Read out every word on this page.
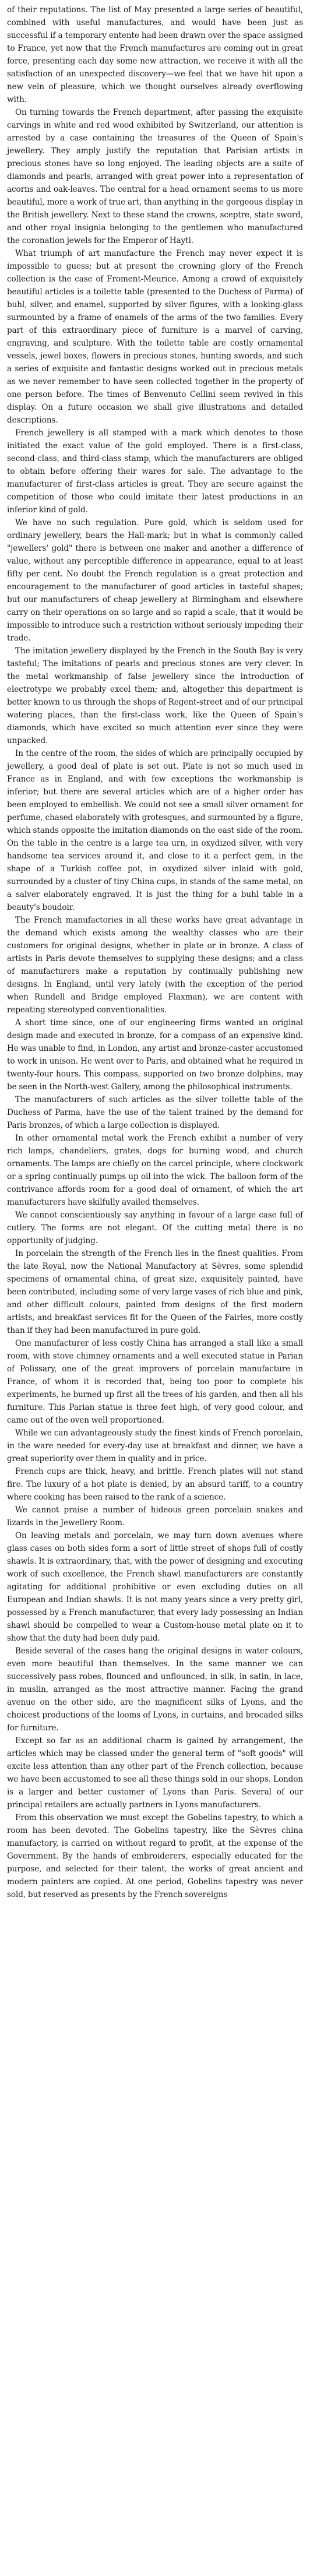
of their reputations. The list of May presented a large series of beautiful, combined with useful manufactures, and would have been just as successful if a temporary entente had been drawn over the space assigned to France, yet now that the French manufactures are coming out in great force, presenting each day some new attraction, we receive it with all the satisfaction of an unexpected discovery—we feel that we have hit upon a new vein of pleasure, which we thought ourselves already overflowing with.

On turning towards the French department, after passing the exquisite carvings in white and red wood exhibited by Switzerland, our attention is arrested by a case containing the treasures of the Queen of Spain's jewellery. They amply justify the reputation that Parisian artists in precious stones have so long enjoyed. The leading objects are a suite of diamonds and pearls, arranged with great power into a representation of acorns and oak-leaves. The central for a head ornament seems to us more beautiful, more a work of true art, than anything in the gorgeous display in the British jewellery. Next to these stand the crowns, sceptre, state sword, and other royal insignia belonging to the gentlemen who manufactured the coronation jewels for the Emperor of Hayti.

What triumph of art manufacture the French may never expect it is impossible to guess; but at present the crowning glory of the French collection is the case of Froment-Meurice. Among a crowd of exquisitely beautiful articles is a toilette table (presented to the Duchess of Parma) of buhl, silver, and enamel, supported by silver figures, with a looking-glass surmounted by a frame of enamels of the arms of the two families. Every part of this extraordinary piece of furniture is a marvel of carving, engraving, and sculpture. With the toilette table are costly ornamental vessels, jewel boxes, flowers in precious stones, hunting swords, and such a series of exquisite and fantastic designs worked out in precious metals as we never remember to have seen collected together in the property of one person before. The times of Benvenuto Cellini seem revived in this display. On a future occasion we shall give illustrations and detailed descriptions.

French jewellery is all stamped with a mark which denotes to those initiated the exact value of the gold employed. There is a first-class, second-class, and third-class stamp, which the manufacturers are obliged to obtain before offering their wares for sale. The advantage to the manufacturer of first-class articles is great. They are secure against the competition of those who could imitate their latest productions in an inferior kind of gold.

We have no such regulation. Pure gold, which is seldom used for ordinary jewellery, bears the Hall-mark; but in what is commonly called "jewellers' gold" there is between one maker and another a difference of value, without any perceptible difference in appearance, equal to at least fifty per cent. No doubt the French regulation is a great protection and encouragement to the manufacturer of good articles in tasteful shapes; but our manufacturers of cheap jewellery at Birmingham and elsewhere carry on their operations on so large and so rapid a scale, that it would be impossible to introduce such a restriction without seriously impeding their trade.

The imitation jewellery displayed by the French in the South Bay is very tasteful; The imitations of pearls and precious stones are very clever. In the metal workmanship of false jewellery since the introduction of electrotype we probably excel them; and, altogether this department is better known to us through the shops of Regent-street and of our principal watering places, than the first-class work, like the Queen of Spain's diamonds, which have excited so much attention ever since they were unpacked.

In the centre of the room, the sides of which are principally occupied by jewellery, a good deal of plate is set out. Plate is not so much used in France as in England, and with few exceptions the workmanship is inferior; but there are several articles which are of a higher order has been employed to embellish. We could not see a small silver ornament for perfume, chased elaborately with grotesques, and surmounted by a figure, which stands opposite the imitation diamonds on the east side of the room. On the table in the centre is a large tea urn, in oxydized silver, with very handsome tea services around it, and close to it a perfect gem, in the shape of a Turkish coffee pot, in oxydized silver inlaid with gold, surrounded by a cluster of tiny China cups, in stands of the same metal, on a salver elaborately engraved. It is just the thing for a buhl table in a beauty's boudoir.

The French manufactories in all these works have great advantage in the demand which exists among the wealthy classes who are their customers for original designs, whether in plate or in bronze. A class of artists in Paris devote themselves to supplying these designs; and a class of manufacturers make a reputation by continually publishing new designs. In England, until very lately (with the exception of the period when Rundell and Bridge employed Flaxman), we are content with repeating stereotyped conventionalities.

A short time since, one of our engineering firms wanted an original design made and executed in bronze, for a compass of an expensive kind. He was unable to find, in London, any artist and bronze-caster accustomed to work in unison. He went over to Paris, and obtained what he required in twenty-four hours. This compass, supported on two bronze dolphins, may be seen in the North-west Gallery, among the philosophical instruments.

The manufacturers of such articles as the silver toilette table of the Duchess of Parma, have the use of the talent trained by the demand for Paris bronzes, of which a large collection is displayed.

In other ornamental metal work the French exhibit a number of very rich lamps, chandeliers, grates, dogs for burning wood, and church ornaments. The lamps are chiefly on the carcel principle, where clockwork or a spring continually pumps up oil into the wick. The balloon form of the contrivance affords room for a good deal of ornament, of which the art manufacturers have skilfully availed themselves.

We cannot conscientiously say anything in favour of a large case full of cutlery. The forms are not elegant. Of the cutting metal there is no opportunity of judging.

In porcelain the strength of the French lies in the finest qualities. From the late Royal, now the National Manufactory at Sèvres, some splendid specimens of ornamental china, of great size, exquisitely painted, have been contributed, including some of very large vases of rich blue and pink, and other difficult colours, painted from designs of the first modern artists, and breakfast services fit for the Queen of the Fairies, more costly than if they had been manufactured in pure gold.

One manufacturer of less costly China has arranged a stall like a small room, with stove chimney ornaments and a well executed statue in Parian of Polissary, one of the great improvers of porcelain manufacture in France, of whom it is recorded that, being too poor to complete his experiments, he burned up first all the trees of his garden, and then all his furniture. This Parian statue is three feet high, of very good colour, and came out of the oven well proportioned.

While we can advantageously study the finest kinds of French porcelain, in the ware needed for every-day use at breakfast and dinner, we have a great superiority over them in quality and in price.

French cups are thick, heavy, and brittle. French plates will not stand fire. The luxury of a hot plate is denied, by an absurd tariff, to a country where cooking has been raised to the rank of a science.

We cannot praise a number of hideous green porcelain snakes and lizards in the Jewellery Room.

On leaving metals and porcelain, we may turn down avenues where glass cases on both sides form a sort of little street of shops full of costly shawls. It is extraordinary, that, with the power of designing and executing work of such excellence, the French shawl manufacturers are constantly agitating for additional prohibitive or even excluding duties on all European and Indian shawls. It is not many years since a very pretty girl, possessed by a French manufacturer, that every lady possessing an Indian shawl should be compelled to wear a Custom-house metal plate on it to show that the duty had been duly paid.

Beside several of the cases hang the original designs in water colours, even more beautiful than themselves. In the same manner we can successively pass robes, flounced and unflounced, in silk, in satin, in lace, in muslin, arranged as the most attractive manner. Facing the grand avenue on the other side, are the magnificent silks of Lyons, and the choicest productions of the looms of Lyons, in curtains, and brocaded silks for furniture.

Except so far as an additional charm is gained by arrangement, the articles which may be classed under the general term of "soft goods" will excite less attention than any other part of the French collection, because we have been accustomed to see all these things sold in our shops. London is a larger and better customer of Lyons than Paris. Several of our principal retailers are actually partners in Lyons manufacturers.

From this observation we must except the Gobelins tapestry, to which a room has been devoted. The Gobelins tapestry, like the Sèvres china manufactory, is carried on without regard to profit, at the expense of the Government. By the hands of embroiderers, especially educated for the purpose, and selected for their talent, the works of great ancient and modern painters are copied. At one period, Gobelins tapestry was never sold, but reserved as presents by the French sovereigns
